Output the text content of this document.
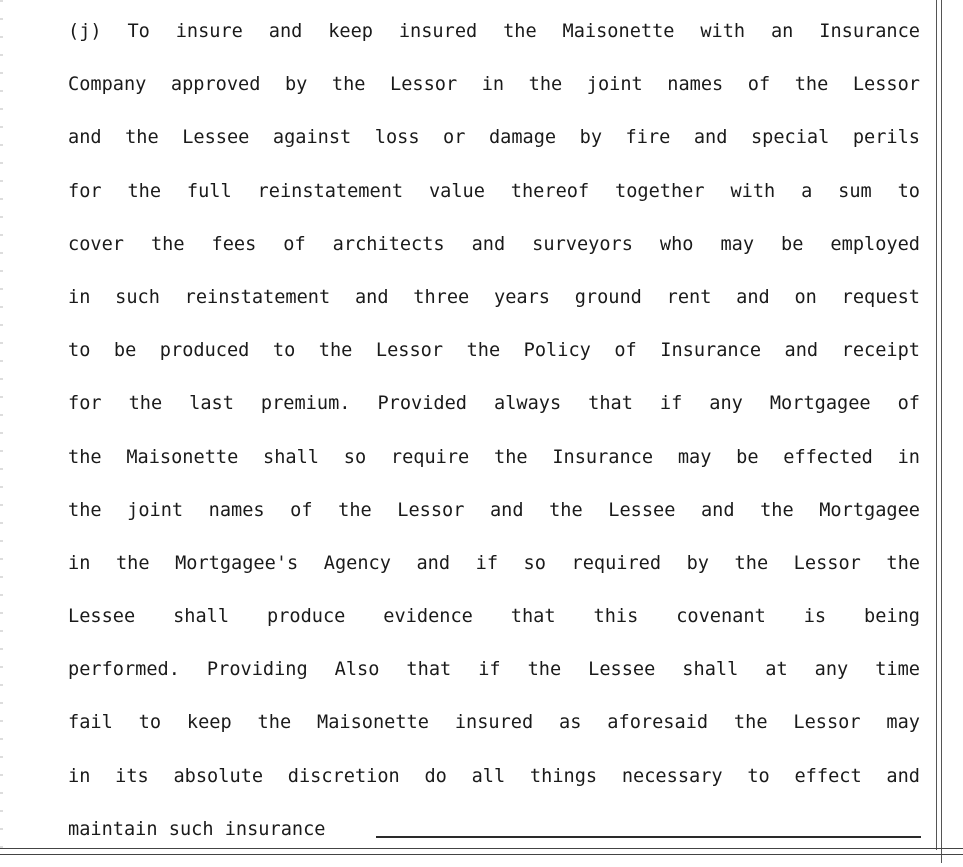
(j) To insure and keep insured the Maisonette with an Insurance
Company approved by the Lessor in the joint names of the Lessor
and the Lessee against loss or damage by fire and special perils
for the full reinstatement value thereof together with a sum to
cover the fees of architects and surveyors who may be employed
in such reinstatement and three years ground rent and on request
to be produced to the Lessor the Policy of Insurance and receipt
for the last premium. Provided always that if any Mortgagee of
the Maisonette shall so require the Insurance may be effected in
the joint names of the Lessor and the Lessee and the Mortgagee
in the Mortgagee's Agency and if so required by the Lessor the
Lessee shall produce evidence that this covenant is being
performed. Providing Also that if the Lessee shall at any time
fail to keep the Maisonette insured as aforesaid the Lessor may
in its absolute discretion do all things necessary to effect and
maintain such insurance
